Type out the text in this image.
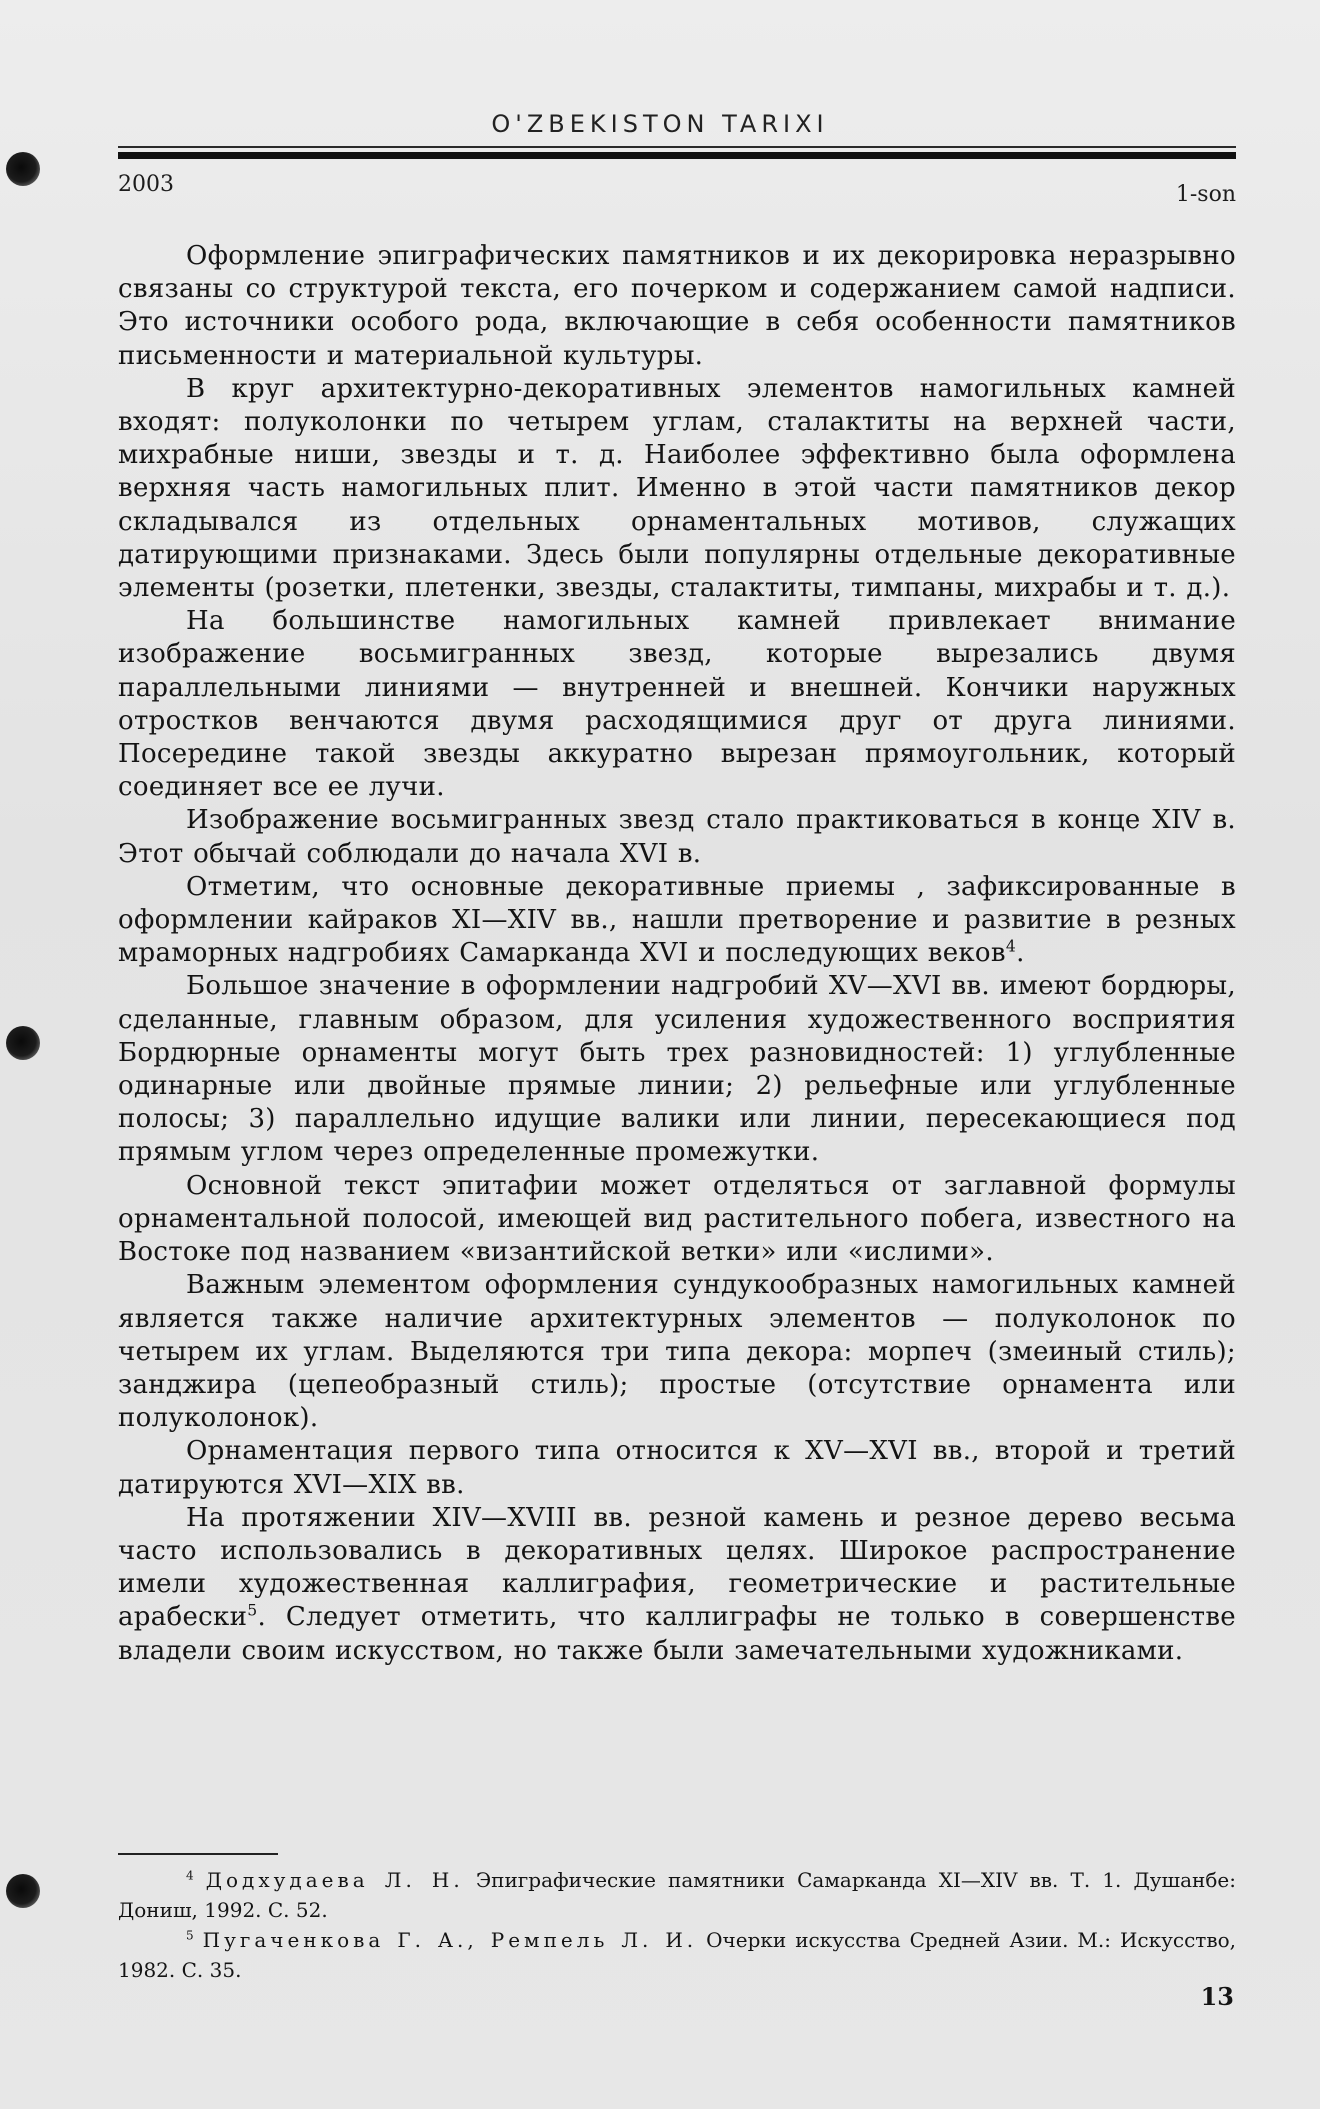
O'ZBEKISTON TARIXI
2003	1-son

Оформление эпиграфических памятников и их декорировка неразрывно связаны со структурой текста, его почерком и содержанием самой надписи. Это источники особого рода, включающие в себя особенности памятников письменности и материальной культуры.

В круг архитектурно-декоративных элементов намогильных камней входят: полуколонки по четырем углам, сталактиты на верхней части, михрабные ниши, звезды и т. д. Наиболее эффективно была оформлена верхняя часть намогильных плит. Именно в этой части памятников декор складывался из отдельных орнаментальных мотивов, служащих датирующими признаками. Здесь были популярны отдельные декоративные элементы (розетки, плетенки, звезды, сталактиты, тимпаны, михрабы и т. д.).

На большинстве намогильных камней привлекает внимание изображение восьмигранных звезд, которые вырезались двумя параллельными линиями — внутренней и внешней. Кончики наружных отростков венчаются двумя расходящимися друг от друга линиями. Посередине такой звезды аккуратно вырезан прямоугольник, который соединяет все ее лучи.

Изображение восьмигранных звезд стало практиковаться в конце XIV в. Этот обычай соблюдали до начала XVI в.

Отметим, что основные декоративные приемы , зафиксированные в оформлении кайраков XI—XIV вв., нашли претворение и развитие в резных мраморных надгробиях Самарканда XVI и последующих веков$^4$.

Большое значение в оформлении надгробий XV—XVI вв. имеют бордюры, сделанные, главным образом, для усиления художественного восприятия Бордюрные орнаменты могут быть трех разновидностей: 1) углубленные одинарные или двойные прямые линии; 2) рельефные или углубленные полосы; 3) параллельно идущие валики или линии, пересекающиеся под прямым углом через определенные промежутки.

Основной текст эпитафии может отделяться от заглавной формулы орнаментальной полосой, имеющей вид растительного побега, известного на Востоке под названием «византийской ветки» или «ислими».

Важным элементом оформления сундукообразных намогильных камней является также наличие архитектурных элементов — полуколонок по четырем их углам. Выделяются три типа декора: морпеч (змеиный стиль); занджира (цепеобразный стиль); простые (отсутствие орнамента или полуколонок).

Орнаментация первого типа относится к XV—XVI вв., второй и третий датируются XVI—XIX вв.

На протяжении XIV—XVIII вв. резной камень и резное дерево весьма часто использовались в декоративных целях. Широкое распространение имели художественная каллиграфия, геометрические и растительные арабески$^5$. Следует отметить, что каллиграфы не только в совершенстве владели своим искусством, но также были замечательными художниками.

$^4$ Додхудаева Л. Н. Эпиграфические памятники Самарканда XI—XIV вв. Т. 1. Душанбе: Дониш, 1992. С. 52.

$^5$ Пугаченкова Г. А., Ремпель Л. И. Очерки искусства Средней Азии. М.: Искусство, 1982. С. 35.

13
